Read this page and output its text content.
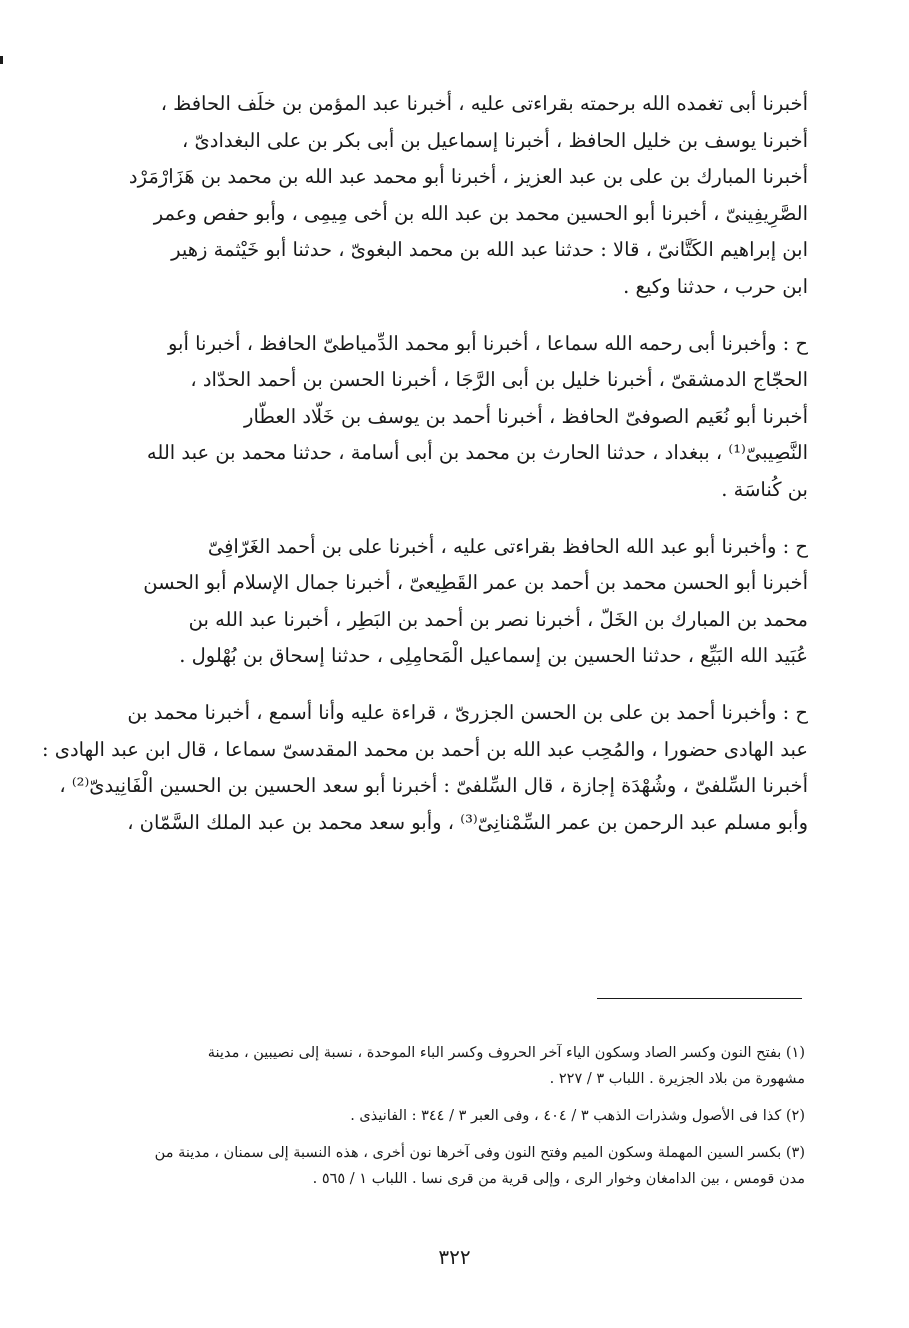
أخبرنا أبى تغمده الله برحمته بقراءتى عليه ، أخبرنا عبد المؤمن بن خلَف الحافظ ،
أخبرنا يوسف بن خليل الحافظ ، أخبرنا إسماعيل بن أبى بكر بن على البغدادىّ ،
أخبرنا المبارك بن على بن عبد العزيز ، أخبرنا أبو محمد عبد الله بن محمد بن هَزَارْمَرْد
الصَّرِيفِينىّ ، أخبرنا أبو الحسين محمد بن عبد الله بن أخى مِيمِى ، وأبو حفص وعمر
ابن إبراهيم الكَتَّانىّ ، قالا : حدثنا عبد الله بن محمد البغوىّ ، حدثنا أبو خَيْثمة زهير
ابن حرب ، حدثنا وكيع .

ح : وأخبرنا أبى رحمه الله سماعا ، أخبرنا أبو محمد الدِّمياطىّ الحافظ ، أخبرنا أبو
الحجّاج الدمشقىّ ، أخبرنا خليل بن أبى الرَّجَا ، أخبرنا الحسن بن أحمد الحدّاد ،
أخبرنا أبو نُعَيم الصوفىّ الحافظ ، أخبرنا أحمد بن يوسف بن خَلّاد العطّار
النَّصِيبىّ⁽¹⁾ ، ببغداد ، حدثنا الحارث بن محمد بن أبى أسامة ، حدثنا محمد بن عبد الله
بن كُناسَة .

ح : وأخبرنا أبو عبد الله الحافظ بقراءتى عليه ، أخبرنا على بن أحمد الغَرّافِىّ
أخبرنا أبو الحسن محمد بن أحمد بن عمر القَطِيعىّ ، أخبرنا جمال الإسلام أبو الحسن
محمد بن المبارك بن الخَلّ ، أخبرنا نصر بن أحمد بن البَطِر ، أخبرنا عبد الله بن
عُبَيد الله البَيِّع ، حدثنا الحسين بن إسماعيل الْمَحامِلِى ، حدثنا إسحاق بن بُهْلول .

ح : وأخبرنا أحمد بن على بن الحسن الجزرىّ ، قراءة عليه وأنا أسمع ، أخبرنا محمد بن
عبد الهادى حضورا ، والمُحِب عبد الله بن أحمد بن محمد المقدسىّ سماعا ، قال ابن عبد الهادى :
أخبرنا السِّلفىّ ، وشُهْدَة إجازة ، قال السِّلفىّ : أخبرنا أبو سعد الحسين بن الحسين الْفَانِيدىّ⁽²⁾ ،
وأبو مسلم عبد الرحمن بن عمر السِّمْنانِىّ⁽³⁾ ، وأبو سعد محمد بن عبد الملك السَّمّان ،

(١) بفتح النون وكسر الصاد وسكون الياء آخر الحروف وكسر الباء الموحدة ، نسبة إلى نصيبين ، مدينة
مشهورة من بلاد الجزيرة . اللباب ٣ / ٢٢٧ .

(٢) كذا فى الأصول وشذرات الذهب ٣ / ٤٠٤ ، وفى العبر ٣ / ٣٤٤ : الفانيذى .

(٣) بكسر السين المهملة وسكون الميم وفتح النون وفى آخرها نون أخرى ، هذه النسبة إلى سمنان ، مدينة من
مدن قومس ، بين الدامغان وخوار الرى ، وإلى قرية من قرى نسا . اللباب ١ / ٥٦٥ .

٣٢٢
